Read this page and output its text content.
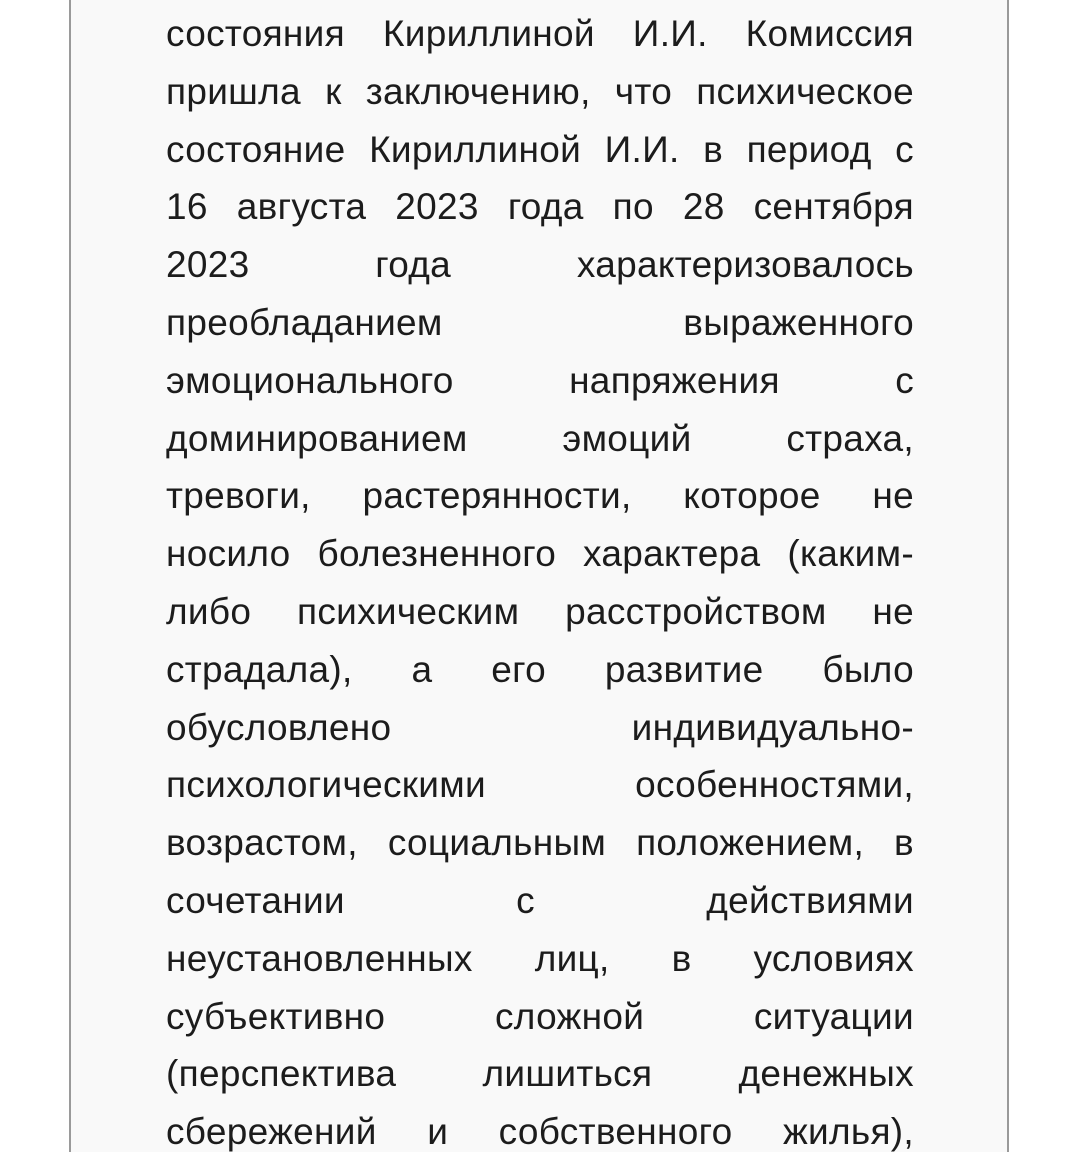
состояния Кириллиной И.И. Комиссия
пришла к заключению, что психическое
состояние Кириллиной И.И. в период с
16 августа 2023 года по 28 сентября
2023	года	характеризовалось
преобладанием	выраженного
эмоционального	напряжения	с
доминированием	эмоций	страха,
тревоги, растерянности, которое не
носило болезненного характера (каким-
либо психическим расстройством не
страдала), а его развитие было
обусловлено	индивидуально-
психологическими	особенностями,
возрастом, социальным положением, в
сочетании	с	действиями
неустановленных лиц, в условиях
субъективно	сложной	ситуации
(перспектива лишиться денежных
сбережений и собственного жилья),
